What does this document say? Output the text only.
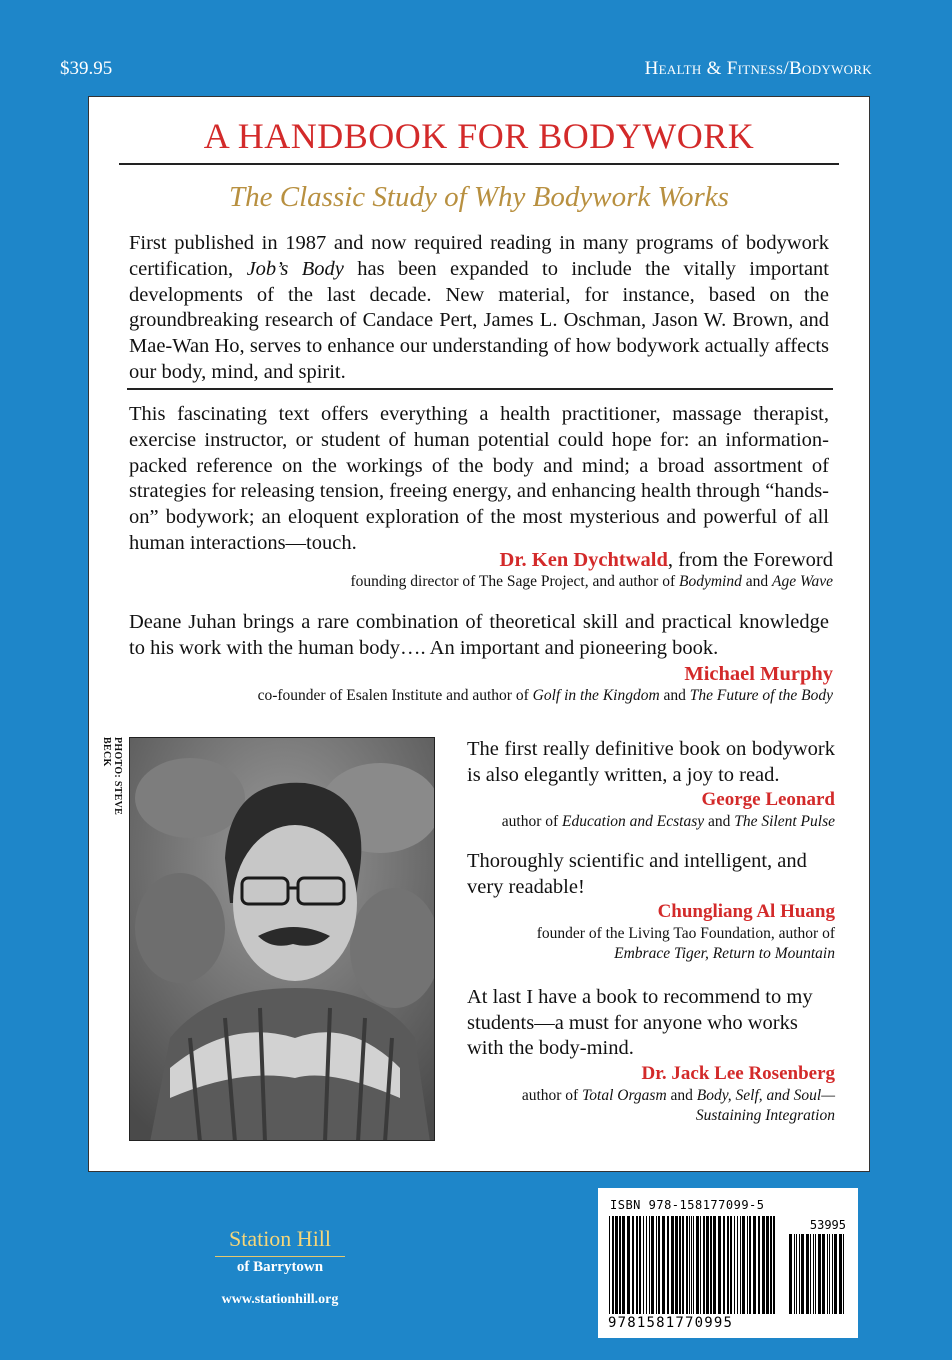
$39.95	Health & Fitness/Bodywork
A HANDBOOK FOR BODYWORK
The Classic Study of Why Bodywork Works

First published in 1987 and now required reading in many programs of bodywork certification, Job’s Body has been expanded to include the vitally important developments of the last decade. New material, for instance, based on the groundbreaking research of Candace Pert, James L. Oschman, Jason W. Brown, and Mae-Wan Ho, serves to enhance our understanding of how bodywork actually affects our body, mind, and spirit.

This fascinating text offers everything a health practitioner, massage therapist, exercise instructor, or student of human potential could hope for: an information-packed reference on the workings of the body and mind; a broad assortment of strategies for releasing tension, freeing energy, and enhancing health through “hands-on” bodywork; an eloquent exploration of the most mysterious and powerful of all human interactions—touch.

Dr. Ken Dychtwald, from the Foreword
founding director of The Sage Project, and author of Bodymind and Age Wave

Deane Juhan brings a rare combination of theoretical skill and practical knowledge to his work with the human body…. An important and pioneering book.

Michael Murphy
co-founder of Esalen Institute and author of Golf in the Kingdom and The Future of the Body
PHOTO: STEVE BECK	The first really definitive book on bodywork is also elegantly written, a joy to read.

George Leonard
author of Education and Ecstasy and The Silent Pulse

Thoroughly scientific and intelligent, and very readable!

Chungliang Al Huang
founder of the Living Tao Foundation, author of
Embrace Tiger, Return to Mountain

At last I have a book to recommend to my students—a must for anyone who works with the body-mind.

Dr. Jack Lee Rosenberg
author of Total Orgasm and Body, Self, and Soul—
Sustaining Integration
Station Hill
of Barrytown
www.stationhill.org
ISBN 978-158177099-5
53995
9781581770995
